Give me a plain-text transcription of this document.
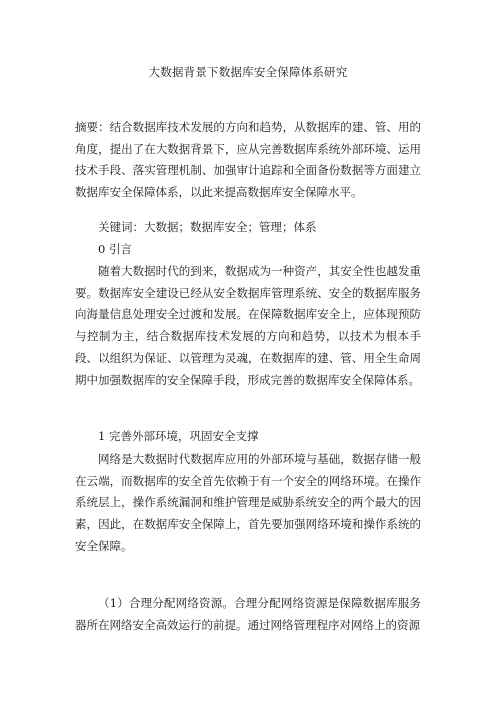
大数据背景下数据库安全保障体系研究

摘要：结合数据库技术发展的方向和趋势，从数据库的建、管、用的角度，提出了在大数据背景下，应从完善数据库系统外部环境、运用技术手段、落实管理机制、加强审计追踪和全面备份数据等方面建立数据库安全保障体系，以此来提高数据库安全保障水平。

关键词：大数据；数据库安全；管理；体系

0 引言

随着大数据时代的到来，数据成为一种资产，其安全性也越发重要。数据库安全建设已经从安全数据库管理系统、安全的数据库服务向海量信息处理安全过渡和发展。在保障数据库安全上，应体现预防与控制为主，结合数据库技术发展的方向和趋势，以技术为根本手段、以组织为保证、以管理为灵魂，在数据库的建、管、用全生命周期中加强数据库的安全保障手段，形成完善的数据库安全保障体系。

1 完善外部环境，巩固安全支撑

网络是大数据时代数据库应用的外部环境与基础，数据存储一般在云端，而数据库的安全首先依赖于有一个安全的网络环境。在操作系统层上，操作系统漏洞和维护管理是威胁系统安全的两个最大的因素，因此，在数据库安全保障上，首先要加强网络环境和操作系统的安全保障。

（1）合理分配网络资源。合理分配网络资源是保障数据库服务器所在网络安全高效运行的前提。通过网络管理程序对网络上的资源
